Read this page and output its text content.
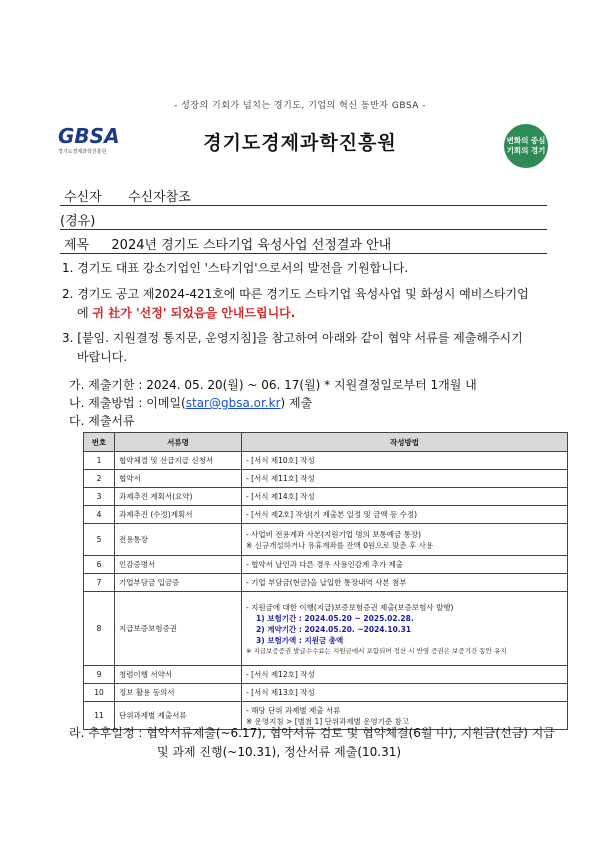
- 성장의 기회가 넘치는 경기도, 기업의 혁신 동반자 GBSA -
GBSA
경기도경제과학진흥원	경기도경제과학진흥원	변화의 중심
기회의 경기
수신자 수신자참조
(경유)
제목 2024년 경기도 스타기업 육성사업 선정결과 안내
1. 경기도 대표 강소기업인 '스타기업'으로서의 발전을 기원합니다.
2. 경기도 공고 제2024-421호에 따른 경기도 스타기업 육성사업 및 화성시 예비스타기업
에 귀 社가 '선정' 되었음을 안내드립니다.
3. [붙임. 지원결정 통지문, 운영지침]을 참고하여 아래와 같이 협약 서류를 제출해주시기
바랍니다.
가. 제출기한 : 2024. 05. 20(월) ~ 06. 17(월) * 지원결정일로부터 1개월 내
나. 제출방법 : 이메일(star@gbsa.or.kr) 제출
다. 제출서류
번호	서류명	작성방법
1	협약체결 및 선급지급 신청서	- [서식 제10호] 작성
2	협약서	- [서식 제11호] 작성
3	과제추진 계획서(요약)	- [서식 제14호] 작성
4	과제추진 (수정)계획서	- [서식 제2호] 작성(기 제출본 일정 및 금액 등 수정)
5	전용통장	- 사업비 전용계좌 사본(지원기업 명의 보통예금 통장)
※ 신규개설하거나 유휴계좌를 잔액 0원으로 맞춘 후 사용

6	인감증명서	- 협약서 날인과 다른 경우 사용인감계 추가 제출
7	기업부담금 입금증	- 기업 부담금(현금)을 납입한 통장내역 사본 첨부
8	지급보증보험증권	- 지원금에 대한 이행(지급)보증보험증권 제출(보증보험사 발행)
1) 보험기간 : 2024.05.20 ~ 2025.02.28.
2) 계약기간 : 2024.05.20. ~2024.10.31
3) 보험가액 : 지원금 총액
※ 지급보증증권 발급수수료는 지원금에서 포함되며 정산 시 반영 증권은 보증기간 동안 유지

9	청렴이행 서약서	- [서식 제12호] 작성
10	정보 활용 동의서	- [서식 제13호] 작성
11	단위과제별 제출서류	- 해당 단위 과제별 제출 서류
※ 운영지침 > [별첨 1] 단위과제별 운영기준 참고
라. 추후일정 : 협약서류제출(~6.17), 협약서류 검토 및 협약체결(6월 中), 지원금(선금) 지급
및 과제 진행(~10.31), 정산서류 제출(10.31)
